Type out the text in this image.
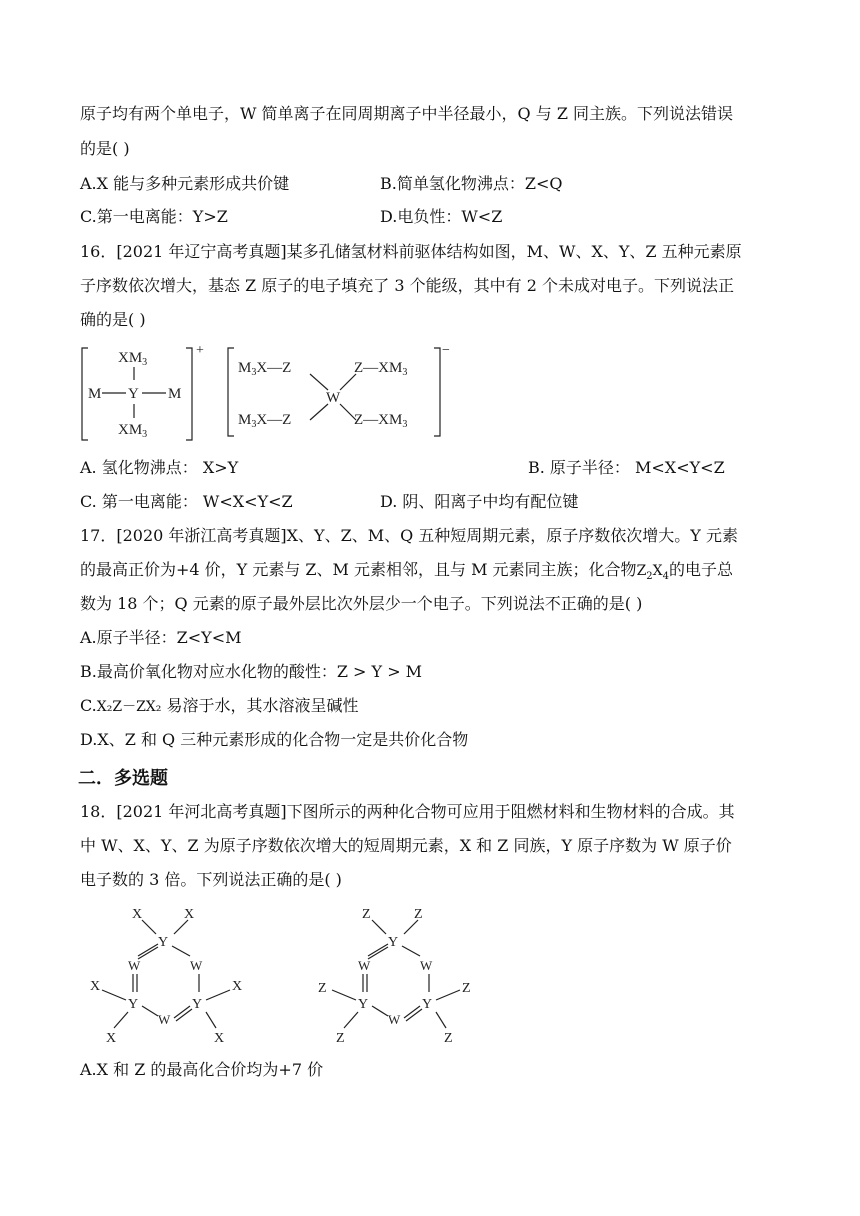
原子均有两个单电子，W 简单离子在同周期离子中半径最小，Q 与 Z 同主族。下列说法错误
的是( )
A.X 能与多种元素形成共价键	B.简单氢化物沸点：Z<Q
C.第一电离能：Y>Z	D.电负性：W<Z
16．[2021 年辽宁高考真题]某多孔储氢材料前驱体结构如图，M、W、X、Y、Z 五种元素原
子序数依次增大，基态 Z 原子的电子填充了 3 个能级，其中有 2 个未成对电子。下列说法正
确的是( )
+
$XM_3$
M Y M
$XM_3$
−
$M_3X—Z$	$Z—XM_3$
W
$M_3X—Z$	$Z—XM_3$
A. 氢化物沸点： X>Y	B. 原子半径： M<X<Y<Z
C. 第一电离能： W<X<Y<Z	D. 阴、阳离子中均有配位键
17．[2020 年浙江高考真题]X、Y、Z、M、Q 五种短周期元素，原子序数依次增大。Y 元素
的最高正价为+4 价，Y 元素与 Z、M 元素相邻，且与 M 元素同主族；化合物$Z_2X_4$的电子总
数为 18 个；Q 元素的原子最外层比次外层少一个电子。下列说法不正确的是( )
A.原子半径：Z<Y<M
B.最高价氧化物对应水化物的酸性：Z > Y > M
C.X₂Z－ZX₂ 易溶于水，其水溶液呈碱性
D.X、Z 和 Q 三种元素形成的化合物一定是共价化合物
二．多选题
18．[2021 年河北高考真题]下图所示的两种化合物可应用于阻燃材料和生物材料的合成。其
中 W、X、Y、Z 为原子序数依次增大的短周期元素，X 和 Z 同族，Y 原子序数为 W 原子价
电子数的 3 倍。下列说法正确的是( )
X	X
Y
W	W
X
Y	Y
W
X
X	X
Z	Z
Y
W	W
Z
Y	Y
W
Z
Z	Z
A.X 和 Z 的最高化合价均为+7 价
